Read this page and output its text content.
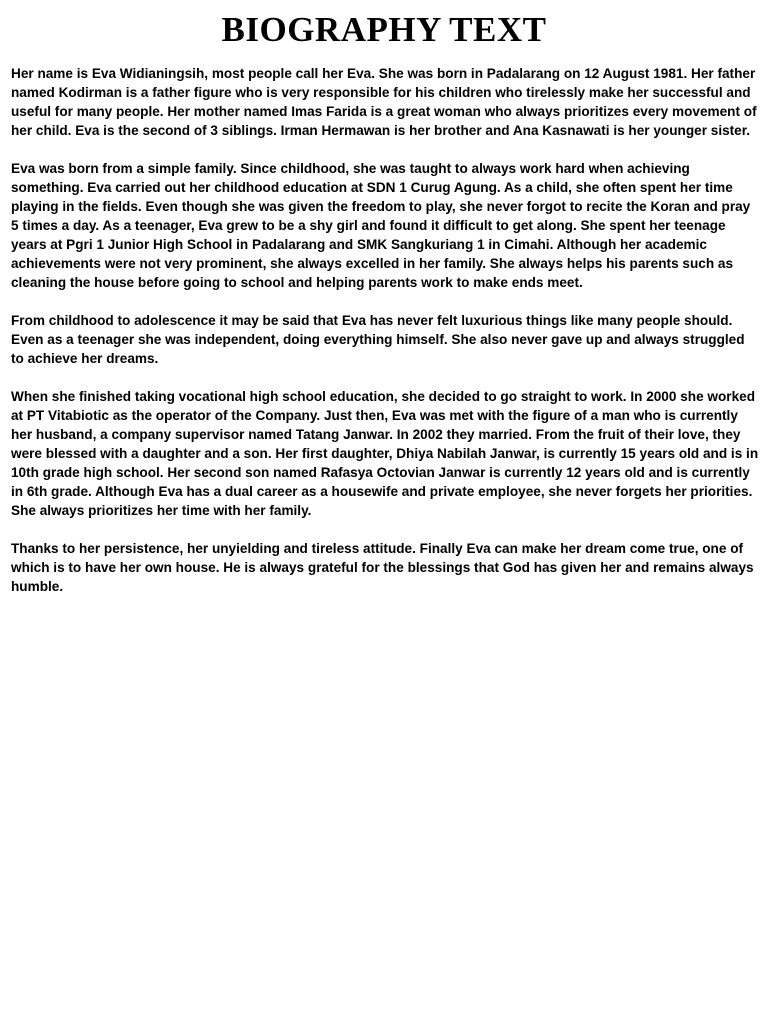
BIOGRAPHY TEXT

Her name is Eva Widianingsih, most people call her Eva. She was born in Padalarang on 12 August 1981. Her father named Kodirman is a father figure who is very responsible for his children who tirelessly make her successful and useful for many people. Her mother named Imas Farida is a great woman who always prioritizes every movement of her child. Eva is the second of 3 siblings. Irman Hermawan is her brother and Ana Kasnawati is her younger sister.

Eva was born from a simple family. Since childhood, she was taught to always work hard when achieving something. Eva carried out her childhood education at SDN 1 Curug Agung. As a child, she often spent her time playing in the fields. Even though she was given the freedom to play, she never forgot to recite the Koran and pray 5 times a day. As a teenager, Eva grew to be a shy girl and found it difficult to get along. She spent her teenage years at Pgri 1 Junior High School in Padalarang and SMK Sangkuriang 1 in Cimahi. Although her academic achievements were not very prominent, she always excelled in her family. She always helps his parents such as cleaning the house before going to school and helping parents work to make ends meet.

From childhood to adolescence it may be said that Eva has never felt luxurious things like many people should. Even as a teenager she was independent, doing everything himself. She also never gave up and always struggled to achieve her dreams.

When she finished taking vocational high school education, she decided to go straight to work. In 2000 she worked at PT Vitabiotic as the operator of the Company. Just then, Eva was met with the figure of a man who is currently her husband, a company supervisor named Tatang Janwar. In 2002 they married. From the fruit of their love, they were blessed with a daughter and a son. Her first daughter, Dhiya Nabilah Janwar, is currently 15 years old and is in 10th grade high school. Her second son named Rafasya Octovian Janwar is currently 12 years old and is currently in 6th grade. Although Eva has a dual career as a housewife and private employee, she never forgets her priorities. She always prioritizes her time with her family.

Thanks to her persistence, her unyielding and tireless attitude. Finally Eva can make her dream come true, one of which is to have her own house. He is always grateful for the blessings that God has given her and remains always humble.
